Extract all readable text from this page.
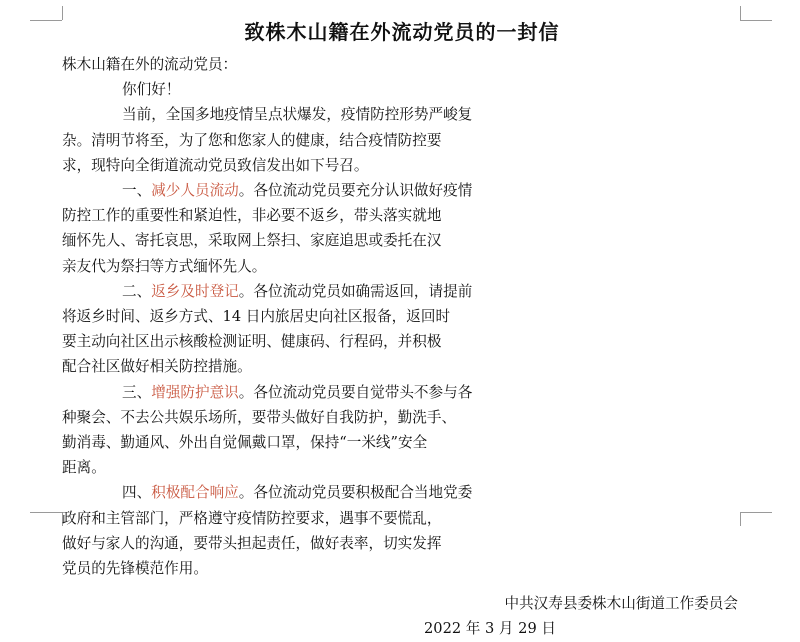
致株木山籍在外流动党员的一封信
株木山籍在外的流动党员：
你们好！
当前，全国多地疫情呈点状爆发，疫情防控形势严峻复
杂。清明节将至，为了您和您家人的健康，结合疫情防控要
求，现特向全街道流动党员致信发出如下号召。
一、减少人员流动。各位流动党员要充分认识做好疫情
防控工作的重要性和紧迫性，非必要不返乡，带头落实就地
缅怀先人、寄托哀思，采取网上祭扫、家庭追思或委托在汉
亲友代为祭扫等方式缅怀先人。
二、返乡及时登记。各位流动党员如确需返回，请提前
将返乡时间、返乡方式、14 日内旅居史向社区报备，返回时
要主动向社区出示核酸检测证明、健康码、行程码，并积极
配合社区做好相关防控措施。
三、增强防护意识。各位流动党员要自觉带头不参与各
种聚会、不去公共娱乐场所，要带头做好自我防护，勤洗手、
勤消毒、勤通风、外出自觉佩戴口罩，保持“一米线”安全
距离。
四、积极配合响应。各位流动党员要积极配合当地党委
政府和主管部门，严格遵守疫情防控要求，遇事不要慌乱，
做好与家人的沟通，要带头担起责任，做好表率，切实发挥
党员的先锋模范作用。
中共汉寿县委株木山街道工作委员会
2022 年 3 月 29 日
